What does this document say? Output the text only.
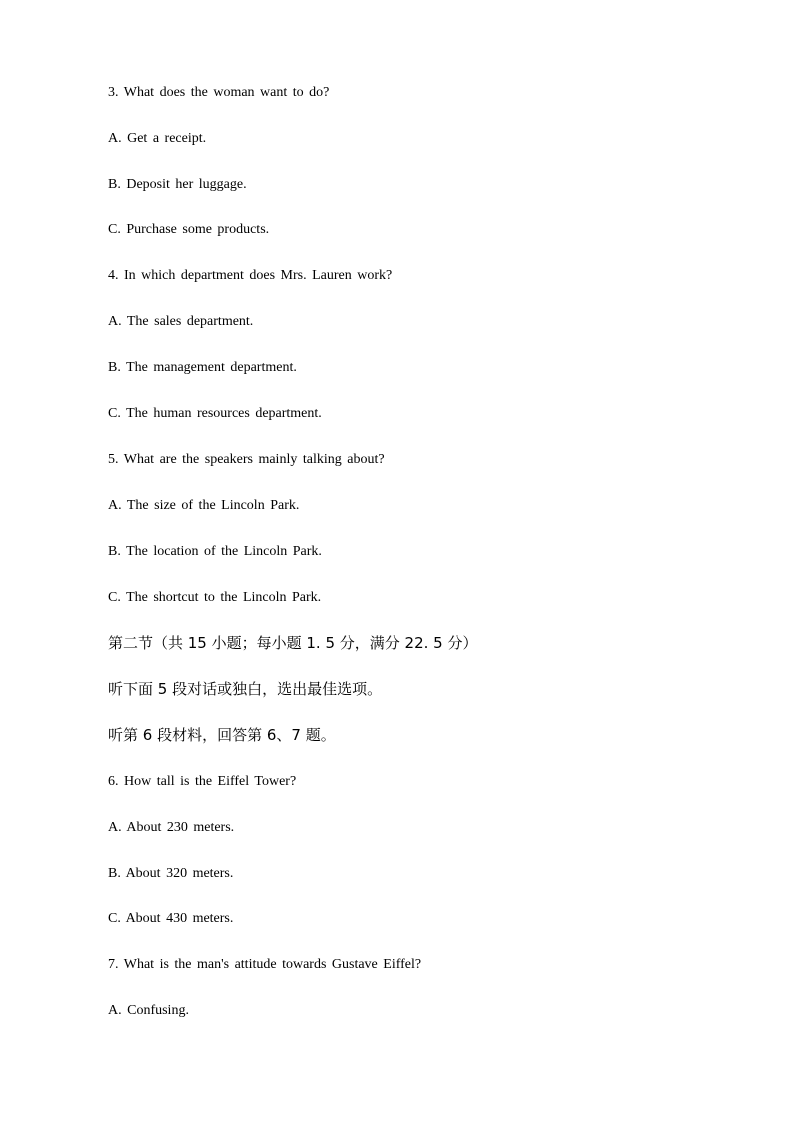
3. What does the woman want to do?
A. Get a receipt.
B. Deposit her luggage.
C. Purchase some products.
4. In which department does Mrs. Lauren work?
A. The sales department.
B. The management department.
C. The human resources department.
5. What are the speakers mainly talking about?
A. The size of the Lincoln Park.
B. The location of the Lincoln Park.
C. The shortcut to the Lincoln Park.
第二节（共 15 小题；每小题 1. 5 分，满分 22. 5 分）
听下面 5 段对话或独白，选出最佳选项。
听第 6 段材料，回答第 6、7 题。
6. How tall is the Eiffel Tower?
A. About 230 meters.
B. About 320 meters.
C. About 430 meters.
7. What is the man's attitude towards Gustave Eiffel?
A. Confusing.
